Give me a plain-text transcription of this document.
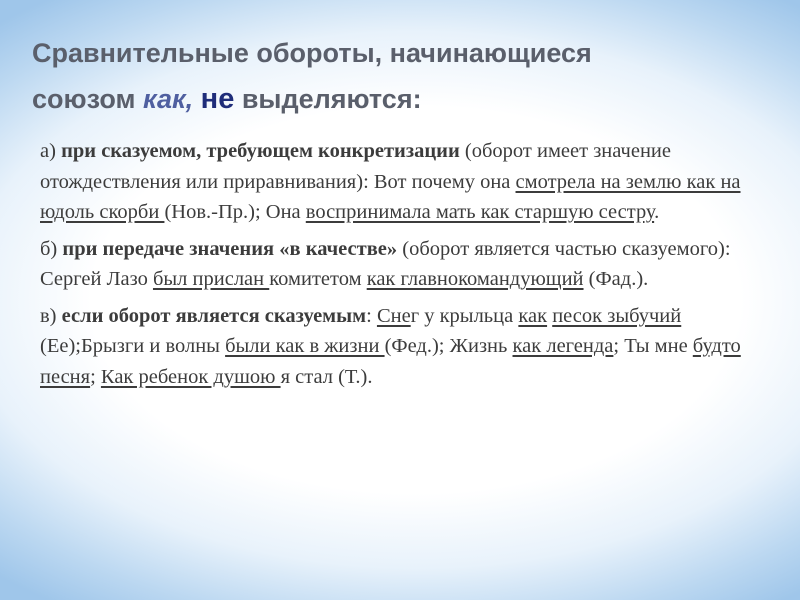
Сравнительные обороты, начинающиеся
союзом как, не выделяются:

а) при сказуемом, требующем конкретизации (оборот имеет значение отождествления или приравнивания): Вот почему она смотрела на землю как на юдоль скорби (Нов.-Пр.); Она воспринимала мать как старшую сестру.

б) при передаче значения «в качестве» (оборот является частью сказуемого): Сергей Лазо был прислан комитетом как главнокомандующий (Фад.).

в) если оборот является сказуемым: Снег у крыльца как песок зыбучий (Ее);Брызги и волны были как в жизни (Фед.); Жизнь как легенда; Ты мне будто песня; Как ребенок душою я стал (Т.).
